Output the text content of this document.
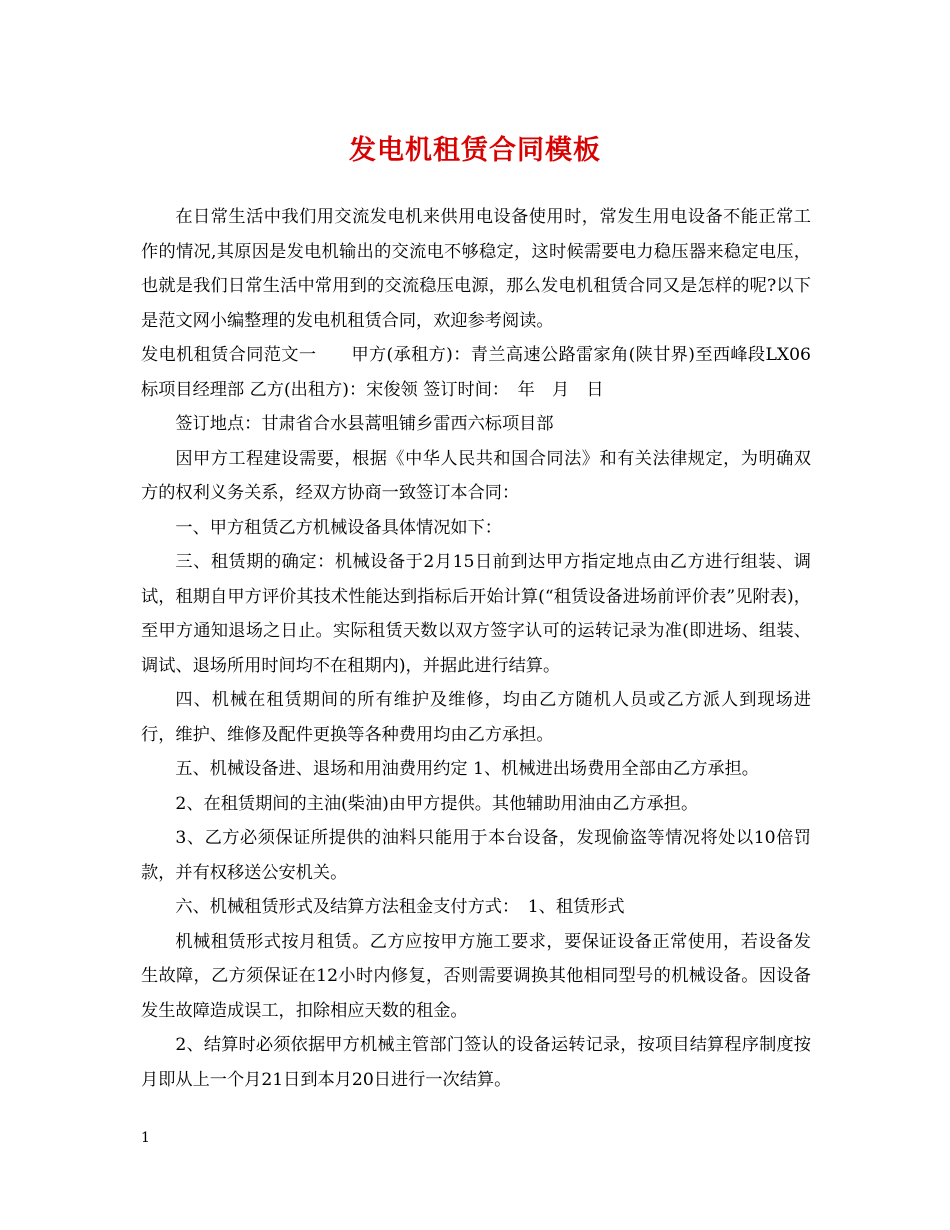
发电机租赁合同模板

在日常生活中我们用交流发电机来供用电设备使用时，常发生用电设备不能正常工作的情况,其原因是发电机输出的交流电不够稳定，这时候需要电力稳压器来稳定电压，也就是我们日常生活中常用到的交流稳压电源，那么发电机租赁合同又是怎样的呢?以下是范文网小编整理的发电机租赁合同，欢迎参考阅读。

发电机租赁合同范文一　　甲方(承租方)：青兰高速公路雷家角(陕甘界)至西峰段LX06标项目经理部 乙方(出租方)：宋俊领 签订时间：　年　月　日

签订地点：甘肃省合水县蒿咀铺乡雷西六标项目部

因甲方工程建设需要，根据《中华人民共和国合同法》和有关法律规定，为明确双方的权利义务关系，经双方协商一致签订本合同：

一、甲方租赁乙方机械设备具体情况如下：

三、租赁期的确定：机械设备于2月15日前到达甲方指定地点由乙方进行组装、调试，租期自甲方评价其技术性能达到指标后开始计算(“租赁设备进场前评价表”见附表)，至甲方通知退场之日止。实际租赁天数以双方签字认可的运转记录为准(即进场、组装、调试、退场所用时间均不在租期内)，并据此进行结算。

四、机械在租赁期间的所有维护及维修，均由乙方随机人员或乙方派人到现场进行，维护、维修及配件更换等各种费用均由乙方承担。

五、机械设备进、退场和用油费用约定 1、机械进出场费用全部由乙方承担。

2、在租赁期间的主油(柴油)由甲方提供。其他辅助用油由乙方承担。

3、乙方必须保证所提供的油料只能用于本台设备，发现偷盗等情况将处以10倍罚款，并有权移送公安机关。

六、机械租赁形式及结算方法租金支付方式：　1、租赁形式

机械租赁形式按月租赁。乙方应按甲方施工要求，要保证设备正常使用，若设备发生故障，乙方须保证在12小时内修复，否则需要调换其他相同型号的机械设备。因设备发生故障造成误工，扣除相应天数的租金。

2、结算时必须依据甲方机械主管部门签认的设备运转记录，按项目结算程序制度按月即从上一个月21日到本月20日进行一次结算。

1
